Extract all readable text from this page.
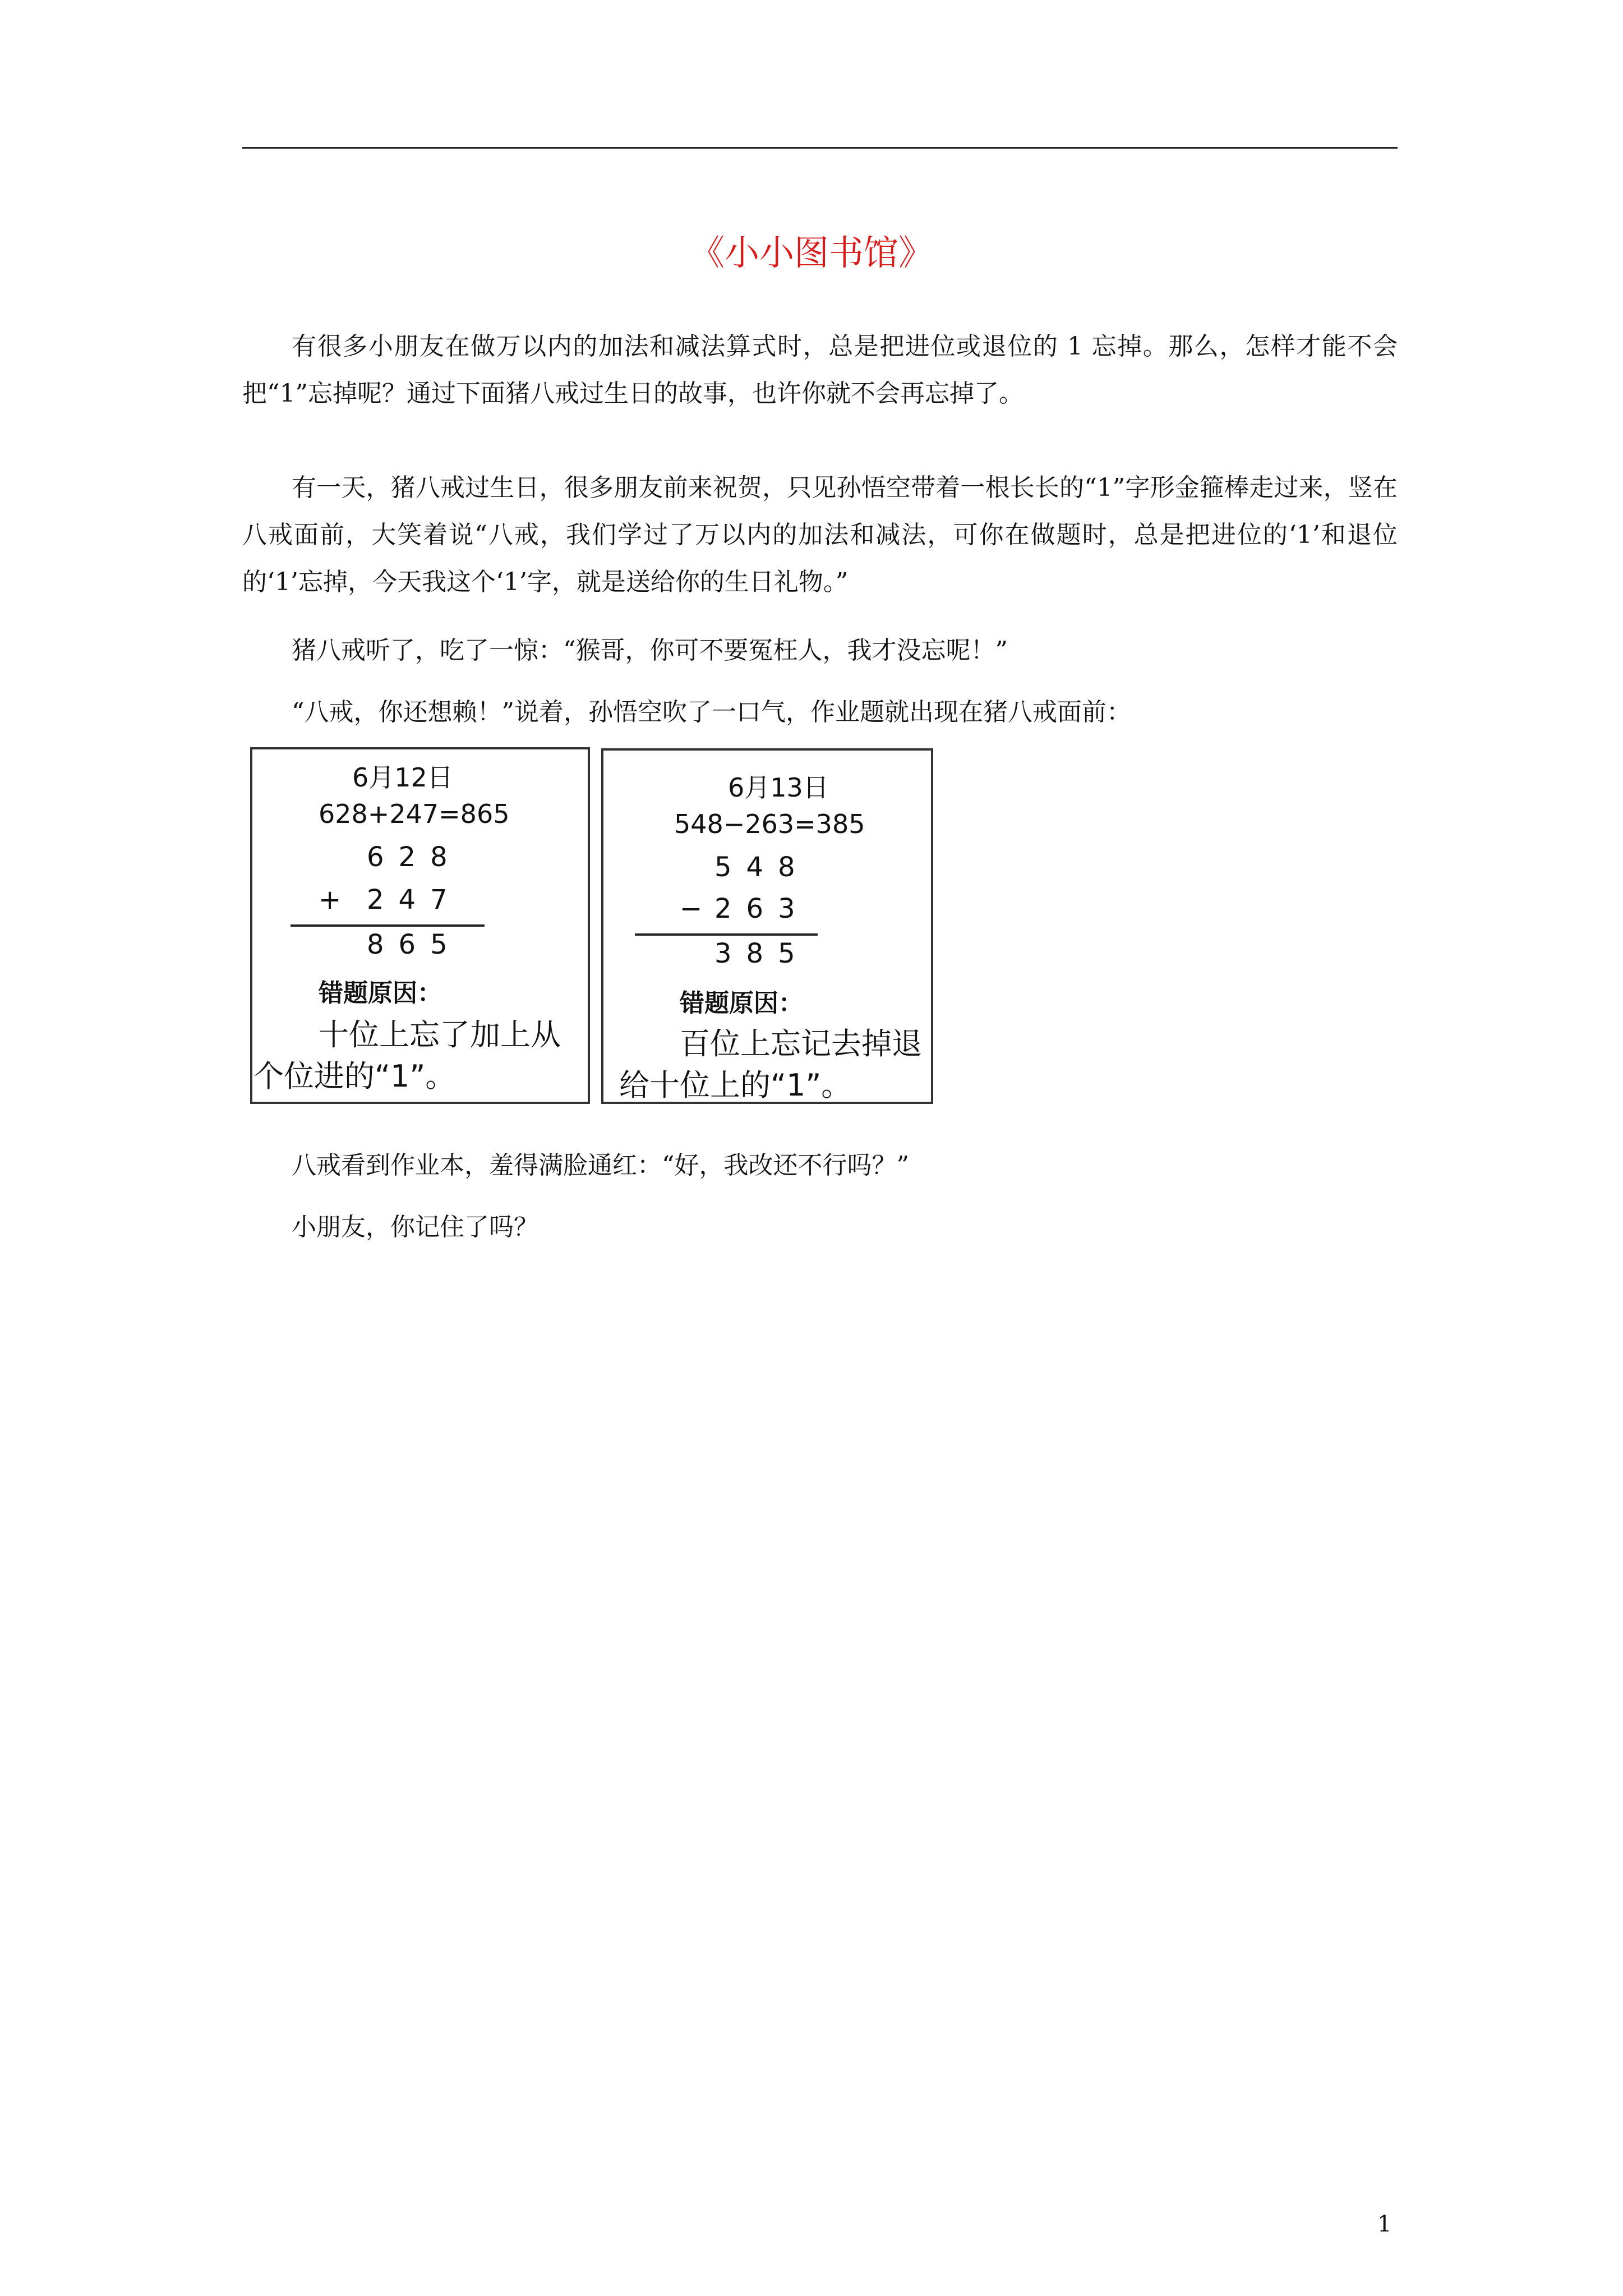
《小小图书馆》

有很多小朋友在做万以内的加法和减法算式时，总是把进位或退位的 1 忘掉。那么，怎样才能不会把“1”忘掉呢？通过下面猪八戒过生日的故事，也许你就不会再忘掉了。

有一天，猪八戒过生日，很多朋友前来祝贺，只见孙悟空带着一根长长的“1”字形金箍棒走过来，竖在八戒面前，大笑着说“八戒，我们学过了万以内的加法和减法，可你在做题时，总是把进位的‘1’和退位的‘1’忘掉，今天我这个‘1’字，就是送给你的生日礼物。”

猪八戒听了，吃了一惊：“猴哥，你可不要冤枉人，我才没忘呢！”

“八戒，你还想赖！”说着，孙悟空吹了一口气，作业题就出现在猪八戒面前：

6月12日
628+247=865
628
+ 247
865
错题原因：
十位上忘了加上从
个位进的“1”。
6月13日
548−263=385
548
− 263
385
错题原因：
百位上忘记去掉退
给十位上的“1”。

八戒看到作业本，羞得满脸通红：“好，我改还不行吗？”

小朋友，你记住了吗？

1
